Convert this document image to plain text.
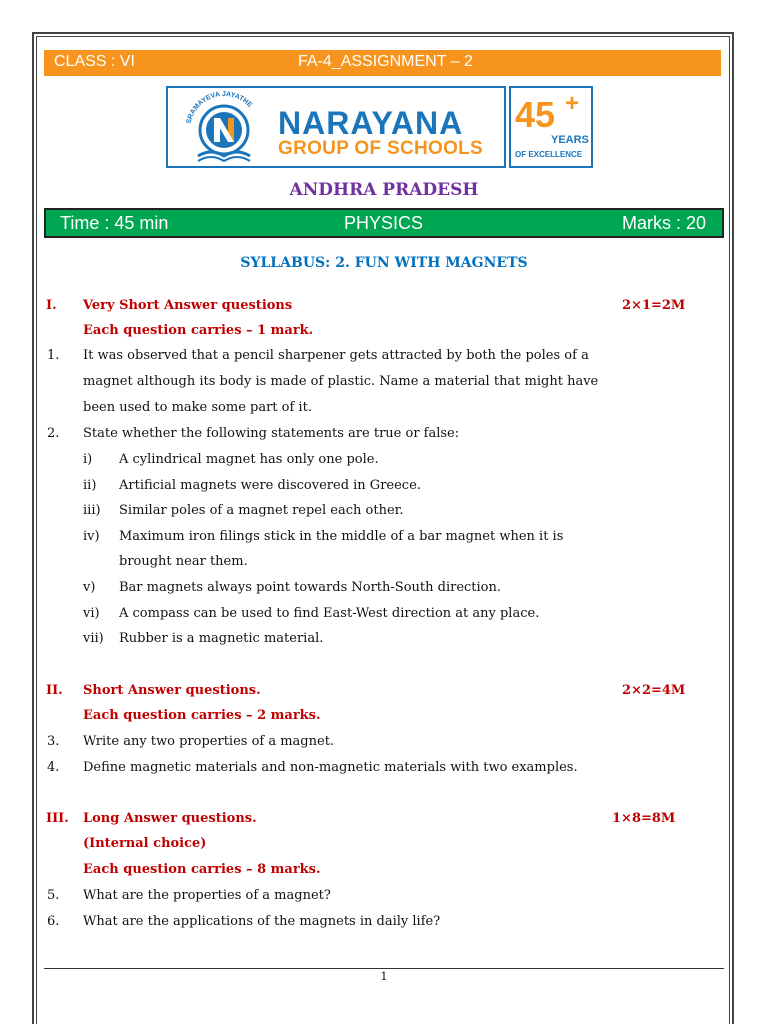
CLASS : VI	FA-4_ASSIGNMENT – 2
SRAMAYEVA JAYATHE
NARAYANA
GROUP OF SCHOOLS
45 +
YEARS
OF EXCELLENCE
ANDHRA PRADESH
Time : 45 min	PHYSICS	Marks : 20
SYLLABUS: 2. FUN WITH MAGNETS
I. Very Short Answer questions	2×1=2M
Each question carries – 1 mark.
1. It was observed that a pencil sharpener gets attracted by both the poles of a
magnet although its body is made of plastic. Name a material that might have
been used to make some part of it.
2. State whether the following statements are true or false:
i) A cylindrical magnet has only one pole.
ii) Artificial magnets were discovered in Greece.
iii) Similar poles of a magnet repel each other.
iv) Maximum iron filings stick in the middle of a bar magnet when it is
brought near them.
v) Bar magnets always point towards North-South direction.
vi) A compass can be used to find East-West direction at any place.
vii) Rubber is a magnetic material.
II. Short Answer questions.	2×2=4M
Each question carries – 2 marks.
3. Write any two properties of a magnet.
4. Define magnetic materials and non-magnetic materials with two examples.
III. Long Answer questions.	1×8=8M
(Internal choice)
Each question carries – 8 marks.
5. What are the properties of a magnet?
6. What are the applications of the magnets in daily life?
1
